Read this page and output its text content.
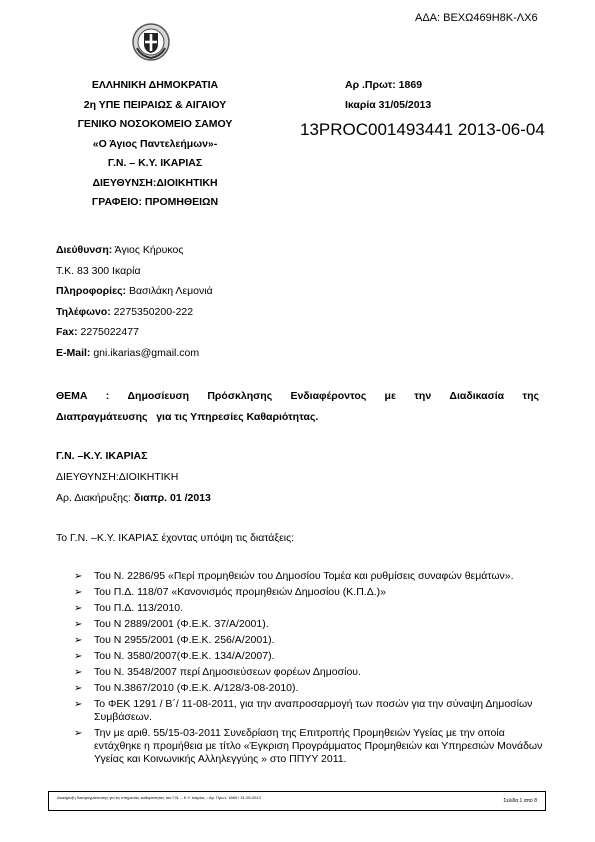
ΑΔΑ: ΒΕΧΩ469Η8Κ-ΛΧ6
ΕΛΛΗΝΙΚΗ ΔΗΜΟΚΡΑΤΙΑ
2η ΥΠΕ ΠΕΙΡΑΙΩΣ & ΑΙΓΑΙΟΥ
ΓΕΝΙΚΟ ΝΟΣΟΚΟΜΕΙΟ ΣΑΜΟΥ
«Ο Άγιος Παντελεήμων»-
Γ.Ν. – Κ.Υ. ΙΚΑΡΙΑΣ
ΔΙΕΥΘΥΝΣΗ:ΔΙΟΙΚΗΤΙΚΗ
ΓΡΑΦΕΙΟ: ΠΡΟΜΗΘΕΙΩΝ
Αρ .Πρωτ: 1869
Ικαρία 31/05/2013
13PROC001493441 2013-06-04
Διεύθυνση: Άγιος Κήρυκος
Τ.Κ. 83 300 Ικαρία
Πληροφορίες: Βασιλάκη Λεμονιά
Τηλέφωνο: 2275350200-222
Fax: 2275022477
E-Mail: gni.ikarias@gmail.com
ΘΕΜΑ : Δημοσίευση Πρόσκλησης Ενδιαφέροντος με την Διαδικασία της
Διαπραγμάτευσης   για τις Υπηρεσίες Καθαριότητας.
Γ.Ν. –Κ.Υ. ΙΚΑΡΙΑΣ
ΔΙΕΥΘΥΝΣΗ:ΔΙΟΙΚΗΤΙΚΗ
Αρ. Διακήρυξης: διαπρ. 01 /2013
Το Γ.Ν. –Κ.Υ. ΙΚΑΡΙΑΣ έχοντας υπόψη τις διατάξεις:
➢ Του Ν. 2286/95 «Περί προμηθειών του Δημοσίου Τομέα και ρυθμίσεις συναφών θεμάτων».
➢ Του Π.Δ. 118/07 «Κανονισμός προμηθειών Δημοσίου (Κ.Π.Δ.)»
➢ Του Π.Δ. 113/2010.
➢ Του Ν 2889/2001 (Φ.Ε.Κ. 37/Α/2001).
➢ Του Ν 2955/2001 (Φ.Ε.Κ. 256/Α/2001).
➢ Του Ν. 3580/2007(Φ.Ε.Κ. 134/Α/2007).
➢ Του Ν. 3548/2007 περί Δημοσιεύσεων φορέων Δημοσίου.
➢ Του Ν.3867/2010 (Φ.Ε.Κ. Α/128/3-08-2010).
➢ Το ΦΕΚ 1291 / Β΄/ 11-08-2011, για την αναπροσαρμογή των ποσών για την σύναψη Δημοσίων Συμβάσεων.
➢ Την με αριθ. 55/15-03-2011 Συνεδρίαση της Επιτροπής Προμηθειών Υγείας με την οποία εντάχθηκε η προμήθεια με τίτλο «Έγκριση Προγράμματος Προμηθειών και Υπηρεσιών Μονάδων Υγείας και Κοινωνικής Αλληλεγγύης » στο ΠΠΥΥ 2011.
Διακήρυξη διαπραγμάτευσης για τις υπηρεσίες καθαριότητας του Γ.Ν. – Κ.Υ. Ικαρίας – Αρ. Πρωτ. 1869 / 31-05-2013
Σελίδα 1 από 8
